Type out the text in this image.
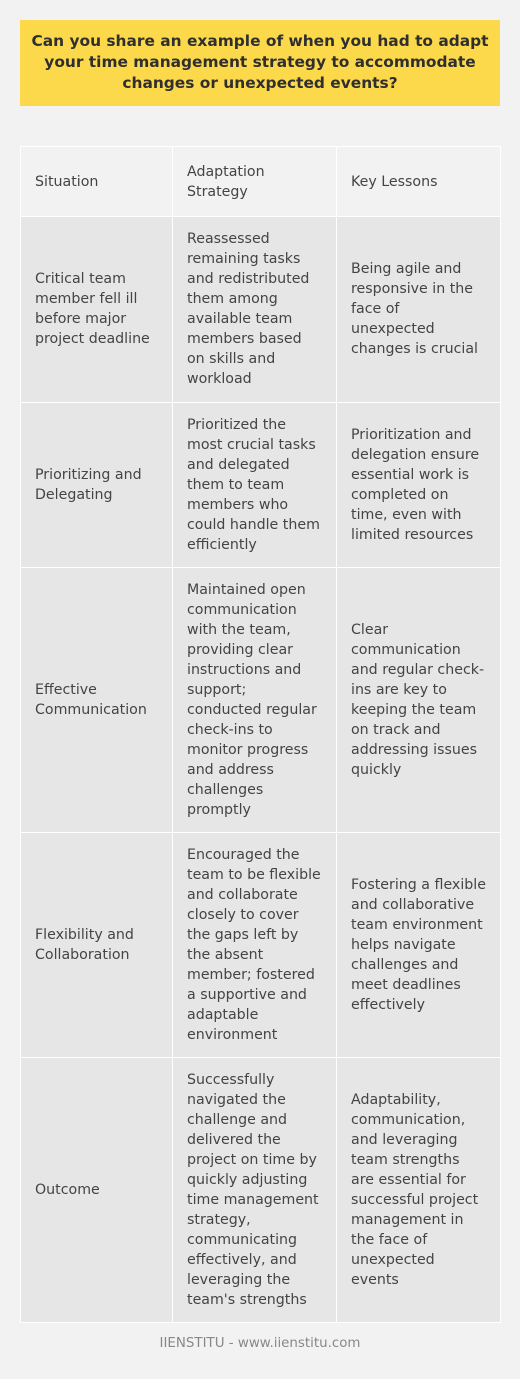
Can you share an example of when you had to adapt your time management strategy to accommodate changes or unexpected events?
Situation	Adaptation Strategy	Key Lessons
Critical team member fell ill before major project deadline	Reassessed remaining tasks and redistributed them among available team members based on skills and workload	Being agile and responsive in the face of unexpected changes is crucial
Prioritizing and Delegating	Prioritized the most crucial tasks and delegated them to team members who could handle them efficiently	Prioritization and delegation ensure essential work is completed on time, even with limited resources
Effective Communication	Maintained open communication with the team, providing clear instructions and support; conducted regular check-ins to monitor progress and address challenges promptly	Clear communication and regular check-ins are key to keeping the team on track and addressing issues quickly
Flexibility and Collaboration	Encouraged the team to be flexible and collaborate closely to cover the gaps left by the absent member; fostered a supportive and adaptable environment	Fostering a flexible and collaborative team environment helps navigate challenges and meet deadlines effectively
Outcome	Successfully navigated the challenge and delivered the project on time by quickly adjusting time management strategy, communicating effectively, and leveraging the team's strengths	Adaptability, communication, and leveraging team strengths are essential for successful project management in the face of unexpected events
IIENSTITU - www.iienstitu.com
